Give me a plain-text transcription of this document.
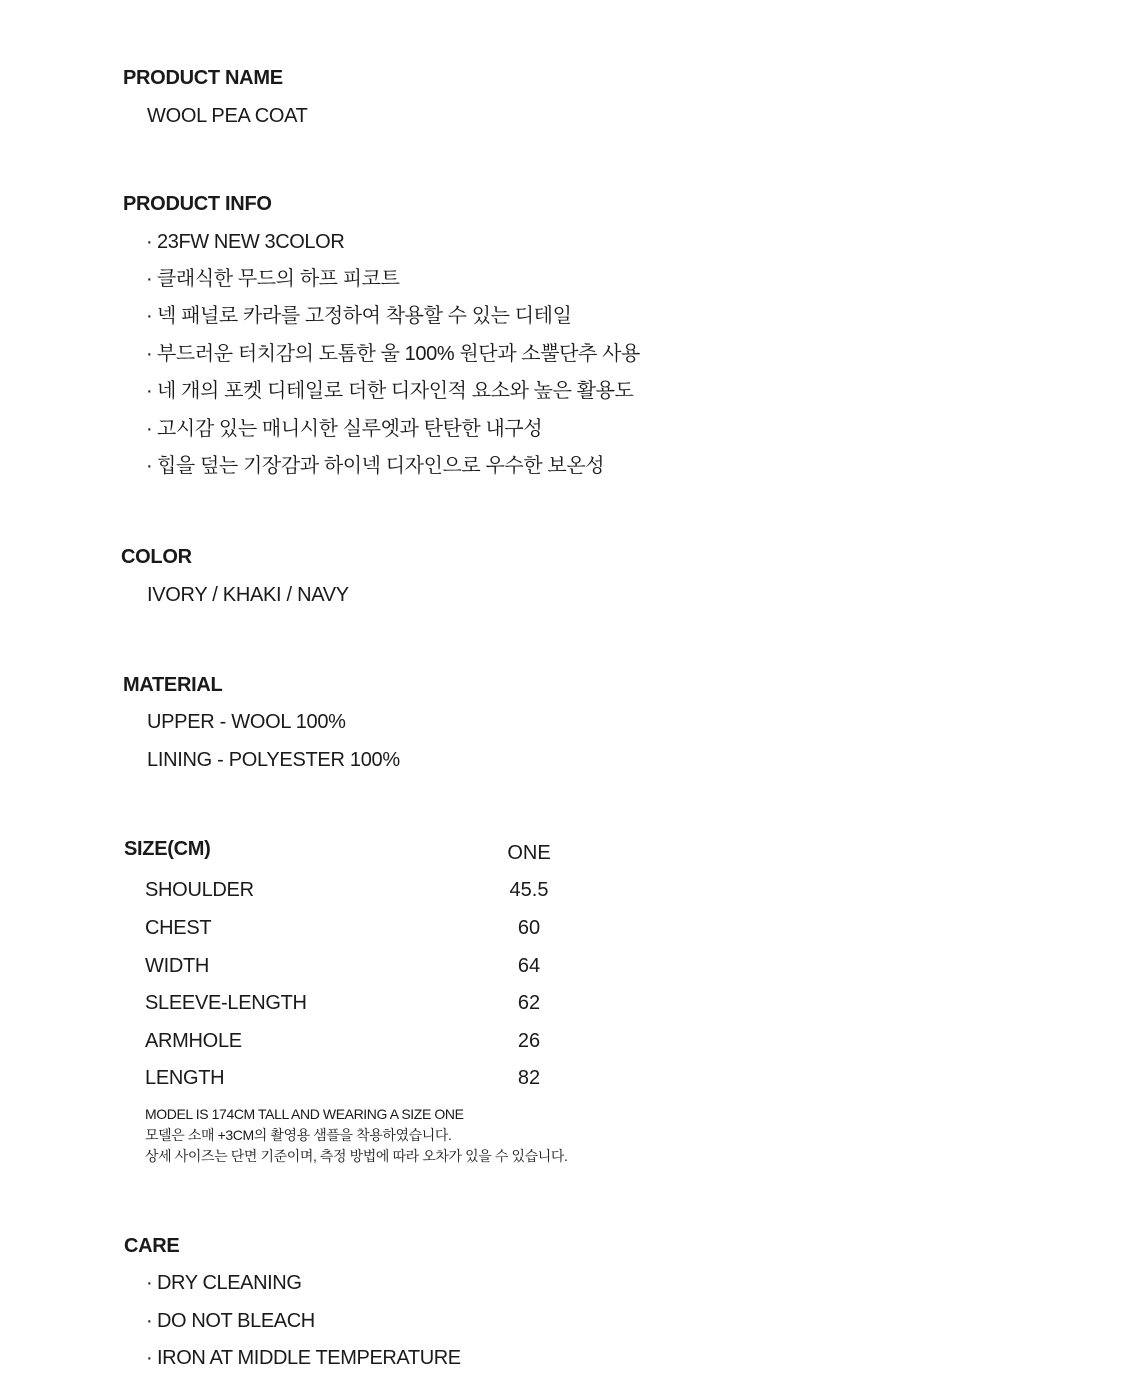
PRODUCT NAME
WOOL PEA COAT
PRODUCT INFO
· 23FW NEW 3COLOR
· 클래식한 무드의 하프 피코트
· 넥 패널로 카라를 고정하여 착용할 수 있는 디테일
· 부드러운 터치감의 도톰한 울 100% 원단과 소뿔단추 사용
· 네 개의 포켓 디테일로 더한 디자인적 요소와 높은 활용도
· 고시감 있는 매니시한 실루엣과 탄탄한 내구성
· 힙을 덮는 기장감과 하이넥 디자인으로 우수한 보온성
COLOR
IVORY / KHAKI / NAVY
MATERIAL
UPPER - WOOL 100%
LINING - POLYESTER 100%
SIZE(CM)	ONE
SHOULDER	45.5
CHEST	60
WIDTH	64
SLEEVE-LENGTH	62
ARMHOLE	26
LENGTH	82
MODEL IS 174CM TALL AND WEARING A SIZE ONE
모델은 소매 +3CM의 촬영용 샘플을 착용하였습니다.
상세 사이즈는 단면 기준이며, 측정 방법에 따라 오차가 있을 수 있습니다.
CARE
· DRY CLEANING
· DO NOT BLEACH
· IRON AT MIDDLE TEMPERATURE
